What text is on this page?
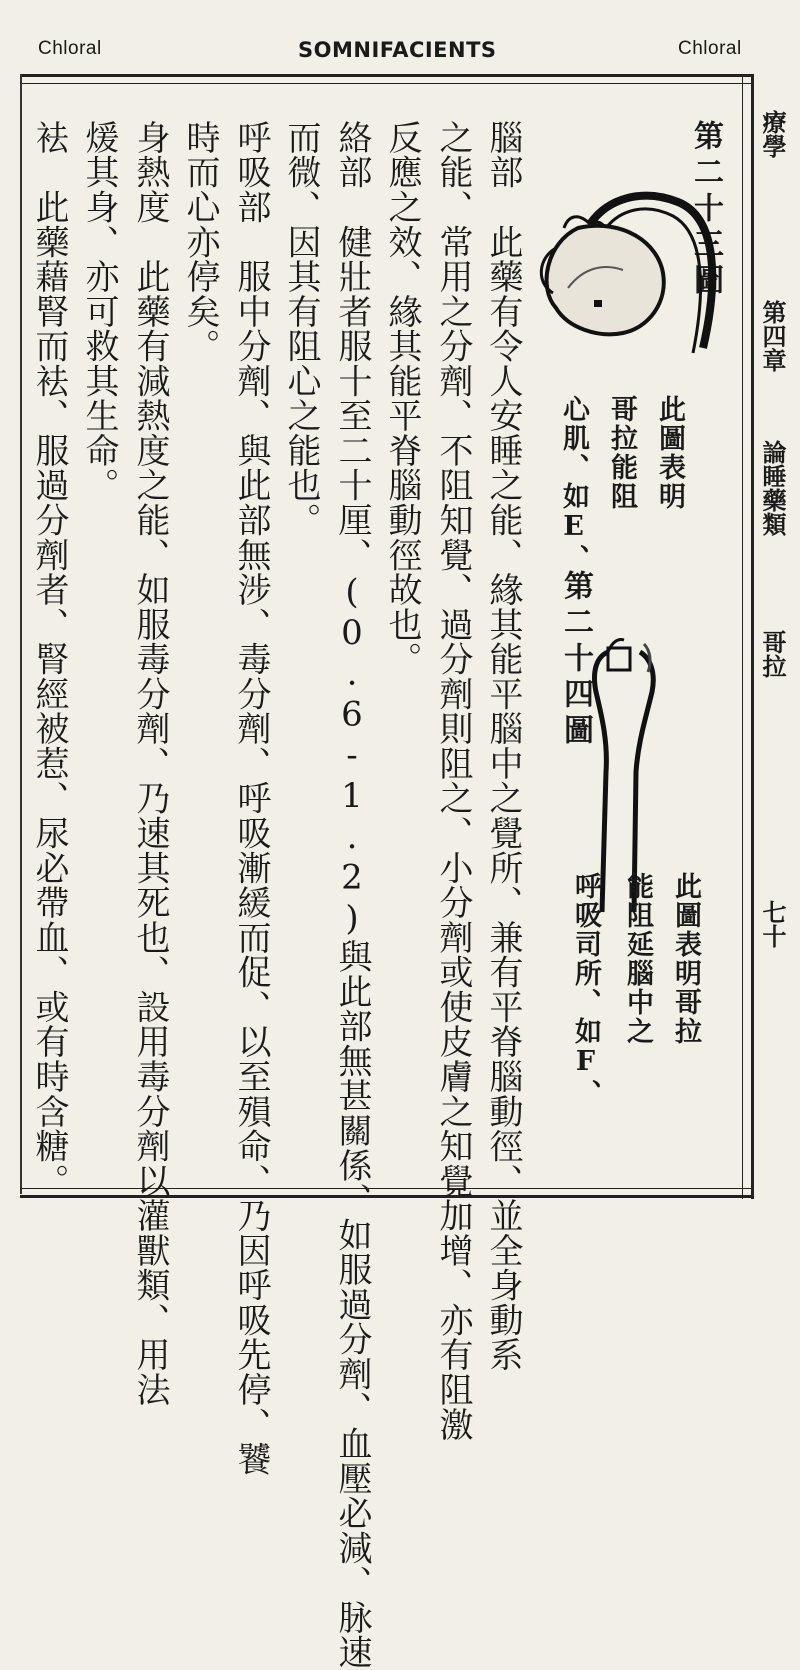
Chloral	SOMNIFACIENTS	Chloral
療學
第四章
論睡藥類
哥拉
七十
第二十三圖
此圖表明
哥拉能阻
心肌、如E、
第二十四圖
此圖表明哥拉
能阻延腦中之
呼吸司所、如F、
腦部　此藥有令人安睡之能、緣其能平腦中之覺所、兼有平脊腦動徑、並全身動系
之能、常用之分劑、不阻知覺、過分劑則阻之、小分劑或使皮膚之知覺加增、亦有阻激
反應之效、緣其能平脊腦動徑故也。
絡部　健壯者服十至二十厘、(0.6-1.2)與此部無甚關係、如服過分劑、血壓必減、脉速
而微、因其有阻心之能也。
呼吸部　服中分劑、與此部無涉、毒分劑、呼吸漸緩而促、以至殞命、乃因呼吸先停、饕
時而心亦停矣。
身熱度　此藥有減熱度之能、如服毒分劑、乃速其死也、設用毒分劑以灌獸類、用法
煖其身、亦可救其生命。
袪　此藥藉腎而袪、服過分劑者、腎經被惹、尿必帶血、或有時含糖。
